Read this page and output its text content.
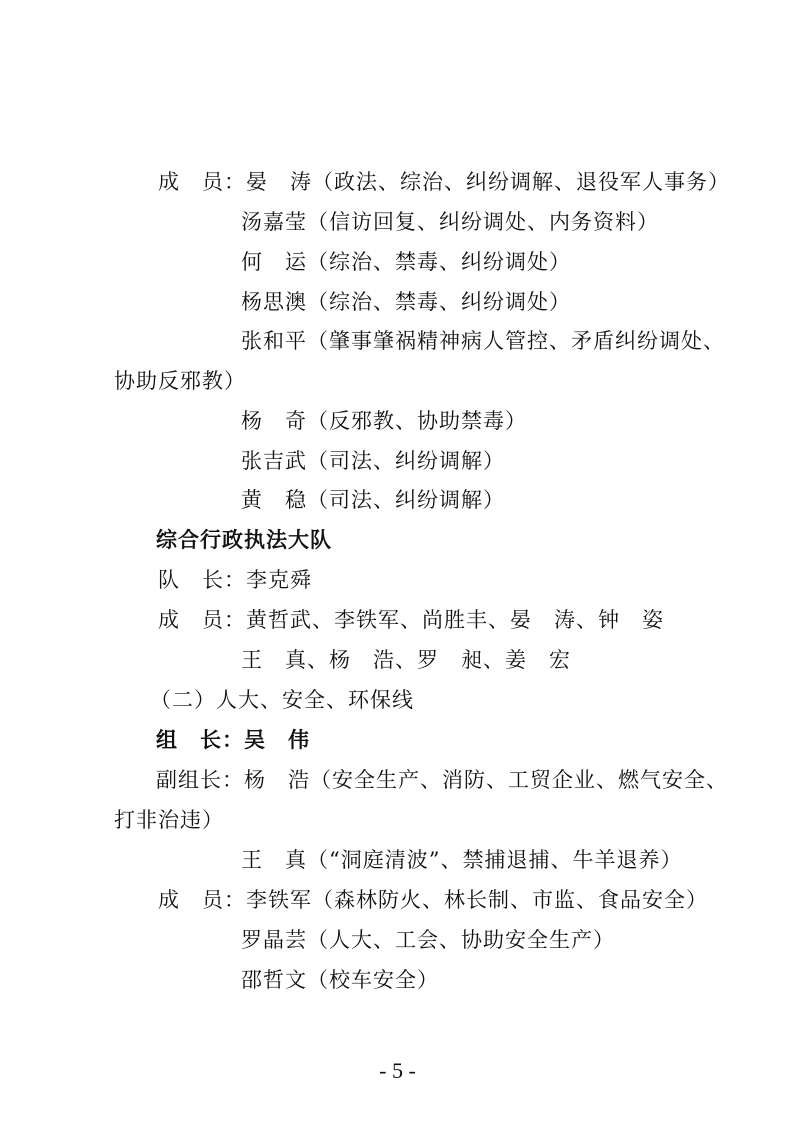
成　员：晏　涛（政法、综治、纠纷调解、退役军人事务）
汤嘉莹（信访回复、纠纷调处、内务资料）
何　运（综治、禁毒、纠纷调处）
杨思澳（综治、禁毒、纠纷调处）
张和平（肇事肇祸精神病人管控、矛盾纠纷调处、
协助反邪教）
杨　奇（反邪教、协助禁毒）
张吉武（司法、纠纷调解）
黄　稳（司法、纠纷调解）
综合行政执法大队
队　长：李克舜
成　员：黄哲武、李铁军、尚胜丰、晏　涛、钟　姿
王　真、杨　浩、罗　昶、姜　宏
（二）人大、安全、环保线
组　长：吴　伟
副组长：杨　浩（安全生产、消防、工贸企业、燃气安全、
打非治违）
王　真（“洞庭清波”、禁捕退捕、牛羊退养）
成　员：李铁军（森林防火、林长制、市监、食品安全）
罗晶芸（人大、工会、协助安全生产）
邵哲文（校车安全）
- 5 -
